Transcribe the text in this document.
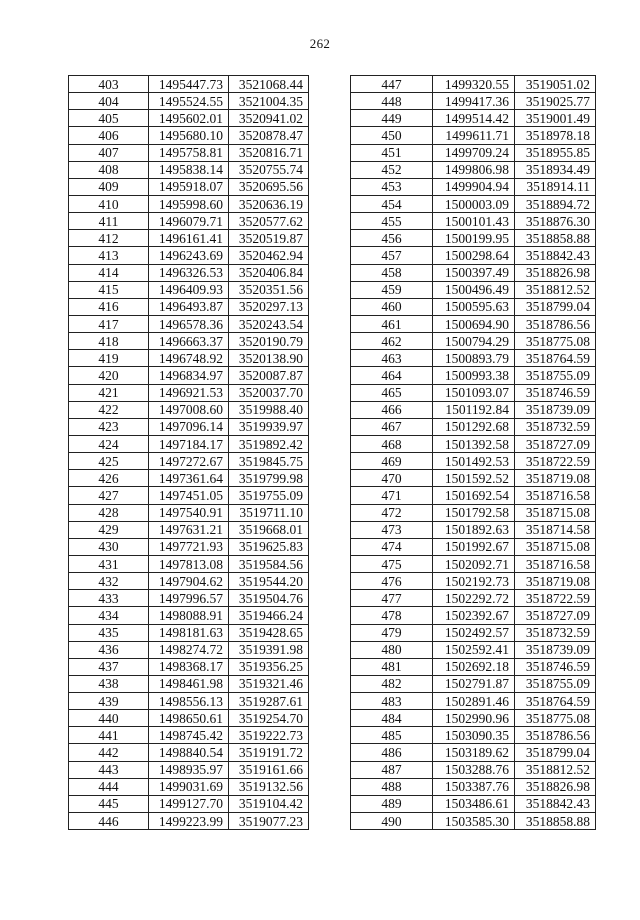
262
403	1495447.73	3521068.44
404	1495524.55	3521004.35
405	1495602.01	3520941.02
406	1495680.10	3520878.47
407	1495758.81	3520816.71
408	1495838.14	3520755.74
409	1495918.07	3520695.56
410	1495998.60	3520636.19
411	1496079.71	3520577.62
412	1496161.41	3520519.87
413	1496243.69	3520462.94
414	1496326.53	3520406.84
415	1496409.93	3520351.56
416	1496493.87	3520297.13
417	1496578.36	3520243.54
418	1496663.37	3520190.79
419	1496748.92	3520138.90
420	1496834.97	3520087.87
421	1496921.53	3520037.70
422	1497008.60	3519988.40
423	1497096.14	3519939.97
424	1497184.17	3519892.42
425	1497272.67	3519845.75
426	1497361.64	3519799.98
427	1497451.05	3519755.09
428	1497540.91	3519711.10
429	1497631.21	3519668.01
430	1497721.93	3519625.83
431	1497813.08	3519584.56
432	1497904.62	3519544.20
433	1497996.57	3519504.76
434	1498088.91	3519466.24
435	1498181.63	3519428.65
436	1498274.72	3519391.98
437	1498368.17	3519356.25
438	1498461.98	3519321.46
439	1498556.13	3519287.61
440	1498650.61	3519254.70
441	1498745.42	3519222.73
442	1498840.54	3519191.72
443	1498935.97	3519161.66
444	1499031.69	3519132.56
445	1499127.70	3519104.42
446	1499223.99	3519077.23
447	1499320.55	3519051.02
448	1499417.36	3519025.77
449	1499514.42	3519001.49
450	1499611.71	3518978.18
451	1499709.24	3518955.85
452	1499806.98	3518934.49
453	1499904.94	3518914.11
454	1500003.09	3518894.72
455	1500101.43	3518876.30
456	1500199.95	3518858.88
457	1500298.64	3518842.43
458	1500397.49	3518826.98
459	1500496.49	3518812.52
460	1500595.63	3518799.04
461	1500694.90	3518786.56
462	1500794.29	3518775.08
463	1500893.79	3518764.59
464	1500993.38	3518755.09
465	1501093.07	3518746.59
466	1501192.84	3518739.09
467	1501292.68	3518732.59
468	1501392.58	3518727.09
469	1501492.53	3518722.59
470	1501592.52	3518719.08
471	1501692.54	3518716.58
472	1501792.58	3518715.08
473	1501892.63	3518714.58
474	1501992.67	3518715.08
475	1502092.71	3518716.58
476	1502192.73	3518719.08
477	1502292.72	3518722.59
478	1502392.67	3518727.09
479	1502492.57	3518732.59
480	1502592.41	3518739.09
481	1502692.18	3518746.59
482	1502791.87	3518755.09
483	1502891.46	3518764.59
484	1502990.96	3518775.08
485	1503090.35	3518786.56
486	1503189.62	3518799.04
487	1503288.76	3518812.52
488	1503387.76	3518826.98
489	1503486.61	3518842.43
490	1503585.30	3518858.88
